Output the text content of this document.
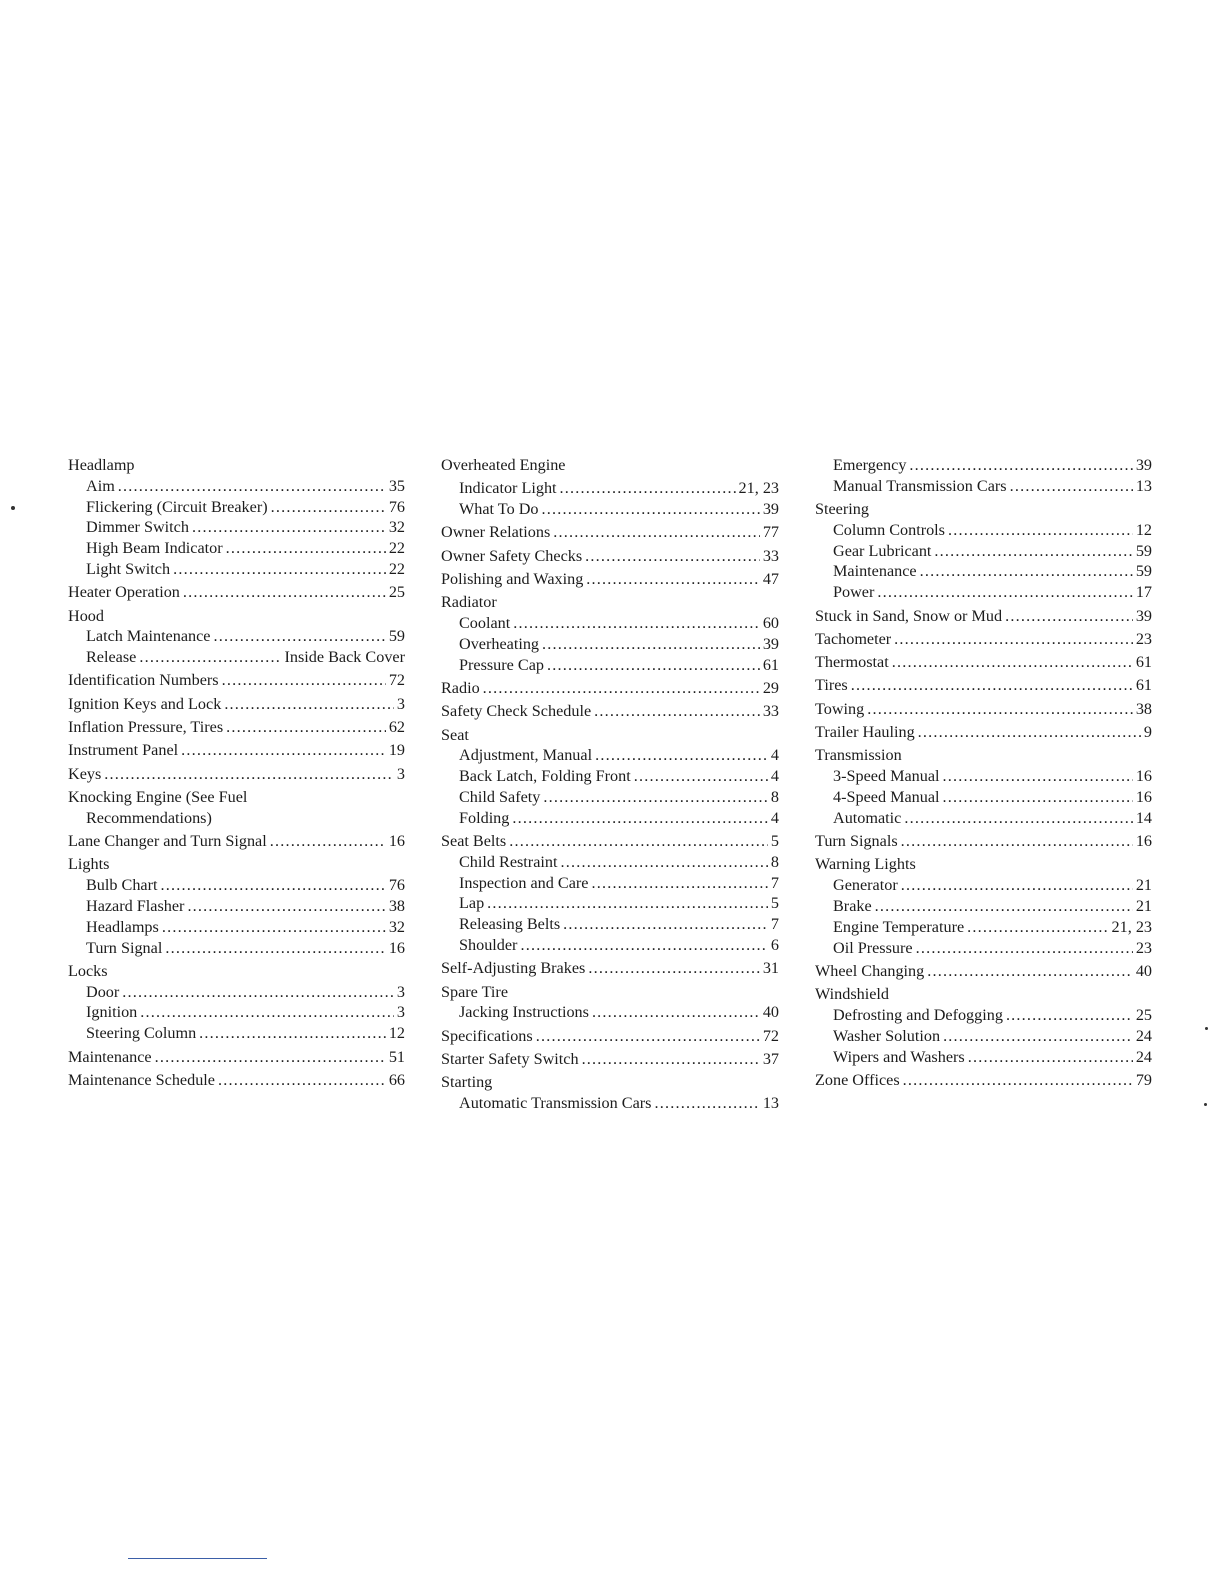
Headlamp
Aim .....	35
Flickering (Circuit Breaker) .....	76
Dimmer Switch .....	32
High Beam Indicator .....	22
Light Switch .....	22
Heater Operation .....	25
Hood
Latch Maintenance .....	59
Release .....	Inside Back Cover
Identification Numbers .....	72
Ignition Keys and Lock .....	3
Inflation Pressure, Tires .....	62
Instrument Panel .....	19
Keys .....	3
Knocking Engine (See Fuel
Recommendations)
Lane Changer and Turn Signal .....	16
Lights
Bulb Chart .....	76
Hazard Flasher .....	38
Headlamps .....	32
Turn Signal .....	16
Locks
Door .....	3
Ignition .....	3
Steering Column .....	12
Maintenance .....	51
Maintenance Schedule .....	66
Overheated Engine
Indicator Light .....	21, 23
What To Do .....	39
Owner Relations .....	77
Owner Safety Checks .....	33
Polishing and Waxing .....	47
Radiator
Coolant .....	60
Overheating .....	39
Pressure Cap .....	61
Radio .....	29
Safety Check Schedule .....	33
Seat
Adjustment, Manual .....	4
Back Latch, Folding Front .....	4
Child Safety .....	8
Folding .....	4
Seat Belts .....	5
Child Restraint .....	8
Inspection and Care .....	7
Lap .....	5
Releasing Belts .....	7
Shoulder .....	6
Self-Adjusting Brakes .....	31
Spare Tire
Jacking Instructions .....	40
Specifications .....	72
Starter Safety Switch .....	37
Starting
Automatic Transmission Cars .....	13
Emergency .....	39
Manual Transmission Cars .....	13
Steering
Column Controls .....	12
Gear Lubricant .....	59
Maintenance .....	59
Power .....	17
Stuck in Sand, Snow or Mud .....	39
Tachometer .....	23
Thermostat .....	61
Tires .....	61
Towing .....	38
Trailer Hauling .....	9
Transmission
3-Speed Manual .....	16
4-Speed Manual .....	16
Automatic .....	14
Turn Signals .....	16
Warning Lights
Generator .....	21
Brake .....	21
Engine Temperature .....	21, 23
Oil Pressure .....	23
Wheel Changing .....	40
Windshield
Defrosting and Defogging .....	25
Washer Solution .....	24
Wipers and Washers .....	24
Zone Offices .....	79
